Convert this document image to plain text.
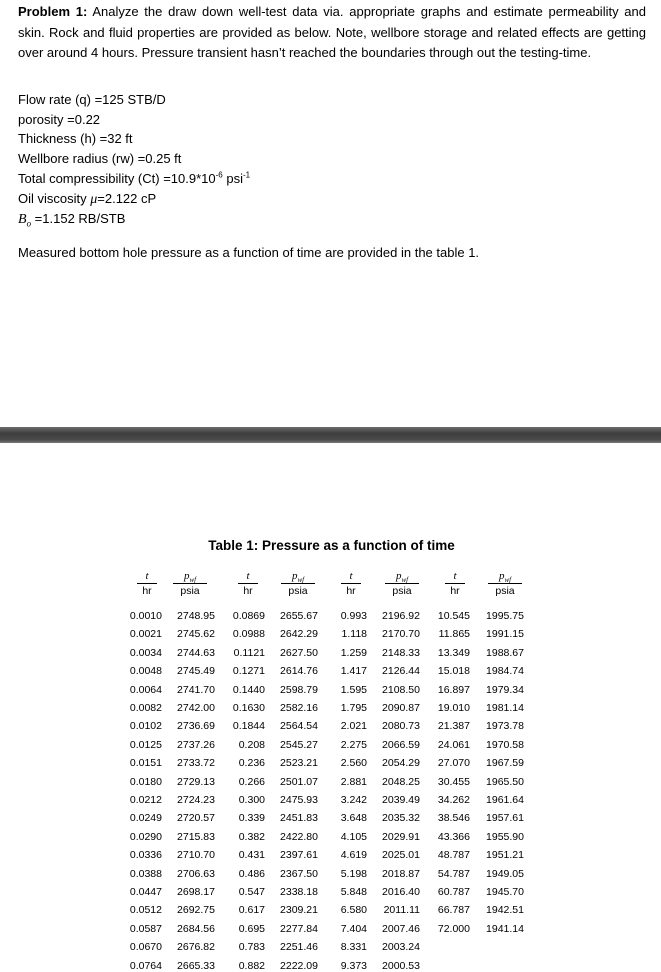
Problem 1: Analyze the draw down well-test data via. appropriate graphs and estimate permeability and skin. Rock and fluid properties are provided as below. Note, wellbore storage and related effects are getting over around 4 hours. Pressure transient hasn’t reached the boundaries through out the testing-time.
Flow rate (q) =125 STB/D
porosity =0.22
Thickness (h) =32 ft
Wellbore radius (rw) =0.25 ft
Total compressibility $(Ct) =10.9*10^{-6}$ psi$^{-1}$
Oil viscosity μ=2.122 cP
$B_o =1.152$ RB/STB
Measured bottom hole pressure as a function of time are provided in the table 1.
Table 1: Pressure as a function of time
t
hr
$p_{wf}$
psia
t
hr
$p_{wf}$
psia
t
hr
$p_{wf}$
psia
t
hr
$p_{wf}$
psia
0.0010
0.0021
0.0034
0.0048
0.0064
0.0082
0.0102
0.0125
0.0151
0.0180
0.0212
0.0249
0.0290
0.0336
0.0388
0.0447
0.0512
0.0587
0.0670
0.0764
2748.95
2745.62
2744.63
2745.49
2741.70
2742.00
2736.69
2737.26
2733.72
2729.13
2724.23
2720.57
2715.83
2710.70
2706.63
2698.17
2692.75
2684.56
2676.82
2665.33
0.0869
0.0988
0.1121
0.1271
0.1440
0.1630
0.1844
0.208
0.236
0.266
0.300
0.339
0.382
0.431
0.486
0.547
0.617
0.695
0.783
0.882
2655.67
2642.29
2627.50
2614.76
2598.79
2582.16
2564.54
2545.27
2523.21
2501.07
2475.93
2451.83
2422.80
2397.61
2367.50
2338.18
2309.21
2277.84
2251.46
2222.09
0.993
1.118
1.259
1.417
1.595
1.795
2.021
2.275
2.560
2.881
3.242
3.648
4.105
4.619
5.198
5.848
6.580
7.404
8.331
9.373
2196.92
2170.70
2148.33
2126.44
2108.50
2090.87
2080.73
2066.59
2054.29
2048.25
2039.49
2035.32
2029.91
2025.01
2018.87
2016.40
2011.11
2007.46
2003.24
2000.53
10.545
11.865
13.349
15.018
16.897
19.010
21.387
24.061
27.070
30.455
34.262
38.546
43.366
48.787
54.787
60.787
66.787
72.000
1995.75
1991.15
1988.67
1984.74
1979.34
1981.14
1973.78
1970.58
1967.59
1965.50
1961.64
1957.61
1955.90
1951.21
1949.05
1945.70
1942.51
1941.14
